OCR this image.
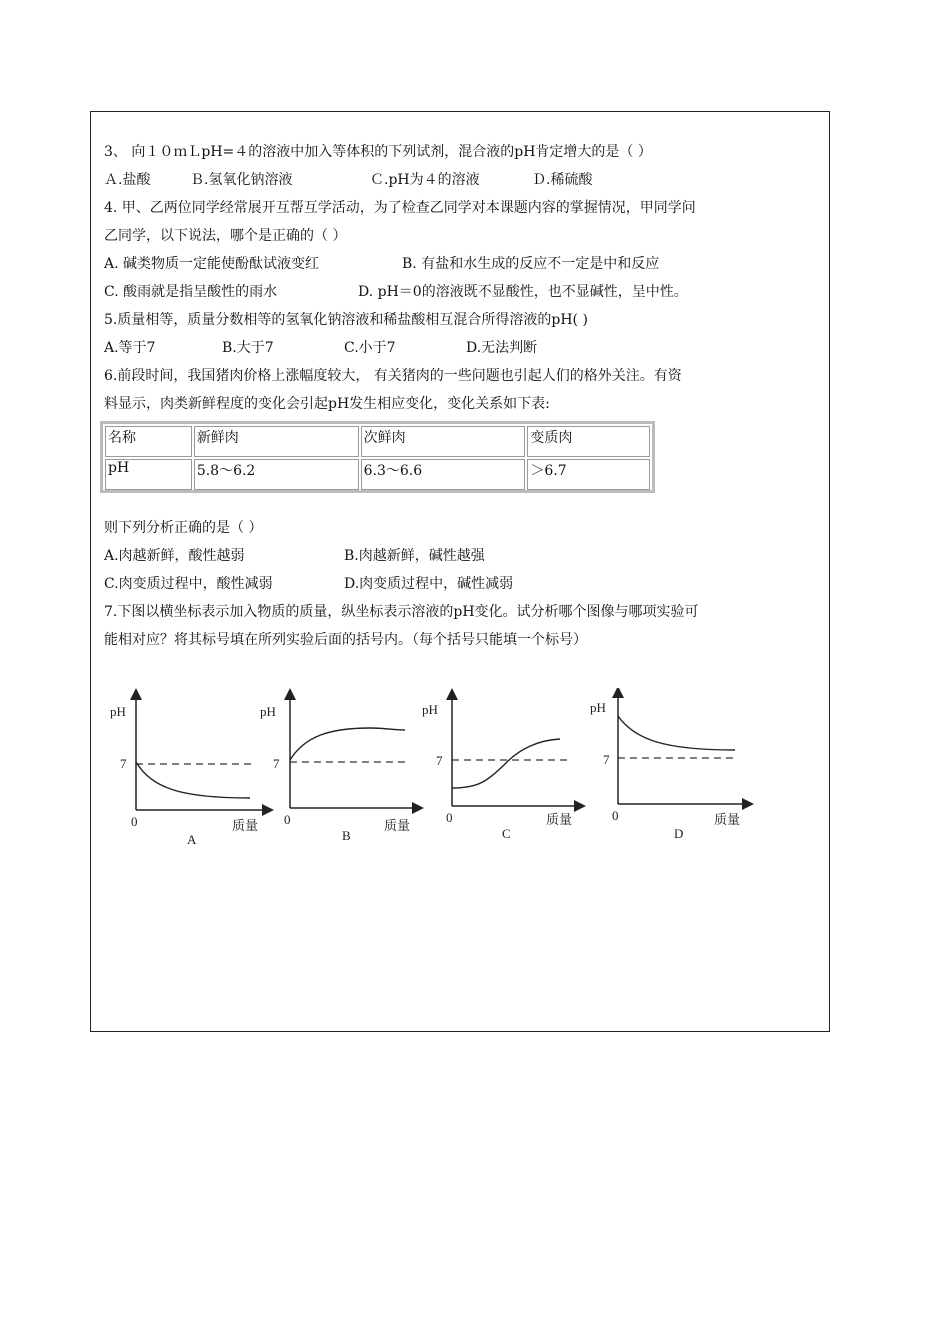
3、 向１０ｍＬpH=４的溶液中加入等体积的下列试剂，混合液的pH肯定增大的是（ ）
Ａ.盐酸	Ｂ.氢氧化钠溶液	Ｃ.pH为４的溶液	Ｄ.稀硫酸
4. 甲、乙两位同学经常展开互帮互学活动，为了检查乙同学对本课题内容的掌握情况，甲同学问
乙同学，以下说法，哪个是正确的（ ）
A. 碱类物质一定能使酚酞试液变红	B. 有盐和水生成的反应不一定是中和反应
C. 酸雨就是指呈酸性的雨水	D. pH＝0的溶液既不显酸性，也不显碱性，呈中性。
5.质量相等，质量分数相等的氢氧化钠溶液和稀盐酸相互混合所得溶液的pH( )
A.等于7	B.大于7	C.小于7	D.无法判断
6.前段时间，我国猪肉价格上涨幅度较大， 有关猪肉的一些问题也引起人们的格外关注。有资
料显示，肉类新鲜程度的变化会引起pH发生相应变化，变化关系如下表:
名称	新鲜肉	次鲜肉	变质肉
pH	5.8～6.2	6.3～6.6	＞6.7
则下列分析正确的是（ ）
A.肉越新鲜，酸性越弱	B.肉越新鲜，碱性越强
C.肉变质过程中，酸性减弱	D.肉变质过程中，碱性减弱
7.下图以横坐标表示加入物质的质量，纵坐标表示溶液的pH变化。试分析哪个图像与哪项实验可
能相对应？将其标号填在所列实验后面的括号内。（每个括号只能填一个标号）
pH
7
0	质量
A
pH
7
0	质量
B
pH
7
0	质量
C
pH
7
0	质量
D
